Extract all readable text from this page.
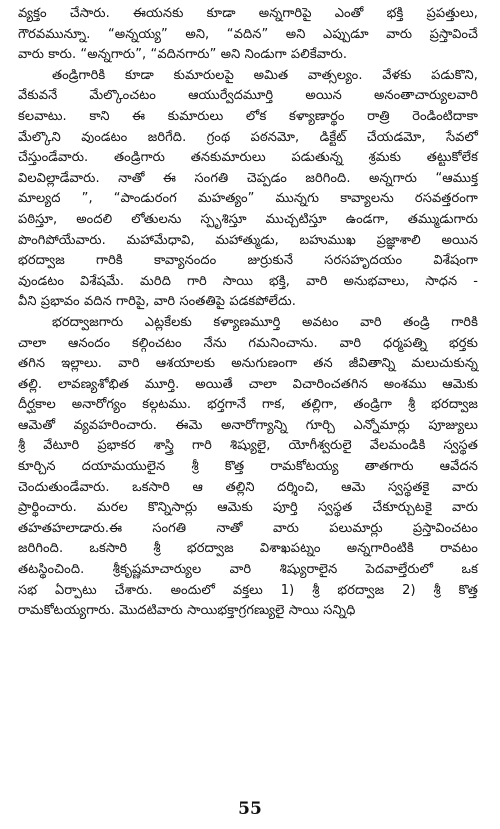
వ్యక్తం చేసారు. ఈయనకు కూడా అన్నగారిపై ఎంతో భక్తి ప్రపత్తులు,
గౌరవమున్నూ. “అన్నయ్య” అని, “వదిన” అని ఎప్పుడూ వారు ప్రస్తావించే
వారు కారు. “అన్నగారు”, “వదినగారు” అని నిండుగా పలికేవారు.
తండ్రిగారికి కూడా కుమారులపై అమిత వాత్సల్యం. వేళకు పడుకొని,
వేకువనే మేల్కొంచటం ఆయుర్వేదమూర్తి అయిన అనంతాచార్యులవారి
కలవాటు. కాని ఈ కుమారులు లోక కళ్యాణార్థం రాత్రి రెండింటిదాకా
మేల్కొని వుండటం జరిగేది. గ్రంథ పఠనమో, డిక్టేట్ చేయడమో, సేవలో
చేస్తుండేవారు. తండ్రిగారు తనకుమారులు పడుతున్న శ్రమకు తట్టుకోలేక
విలవిల్లాడేవారు. నాతో ఈ సంగతి చెప్పడం జరిగింది. అన్నగారు “ఆముక్త
మాల్యద ”, “పాండురంగ మహత్యం” మున్నగు కావ్యాలను రసవత్తరంగా
పఠిస్తూ, అందలి లోతులను స్పృశిస్తూ ముచ్చటిస్తూ ఉండగా, తమ్ముడుగారు
పొంగిపోయేవారు. మహామేధావి, మహాత్ముడు, బహుముఖ ప్రజ్ఞాశాలి అయిన
భరద్వాజ గారికి కావ్యానందం జుర్రుకునే సరసహృదయం విశేషంగా
వుండటం విశేషమే. మరిది గారి సాయి భక్తి, వారి అనుభవాలు, సాధన -
వీని ప్రభావం వదిన గారిపై, వారి సంతతిపై పడకపోలేదు.
భరద్వాజగారు ఎట్లకేలకు కళ్యాణమూర్తి అవటం వారి తండ్రి గారికి
చాలా ఆనందం కల్గించటం నేను గమనించాను. వారి ధర్మపత్ని భర్తకు
తగిన ఇల్లాలు. వారి ఆశయాలకు అనుగుణంగా తన జీవితాన్ని మలుచుకున్న
తల్లి. లావణ్యశోభిత మూర్తి. అయితే చాలా విచారించతగిన అంశము ఆమెకు
దీర్ఘకాల అనారోగ్యం కల్గటము. భర్తగానే గాక, తల్లిగా, తండ్రిగా శ్రీ భరద్వాజ
ఆమెతో వ్యవహరించారు. ఈమె అనారోగ్యాన్ని గూర్చి ఎన్నోమార్లు పూజ్యులు
శ్రీ వేటూరి ప్రభాకర శాస్త్రి గారి శిష్యులై, యోగీశ్వరులై వేలమండికి స్వస్థత
కూర్చిన దయామయులైన శ్రీ కొత్త రామకోటయ్య తాతగారు ఆవేదన
చెందుతుండేవారు. ఒకసారి ఆ తల్లిని దర్శించి, ఆమె స్వస్థతకై వారు
ప్రార్థించారు. మరల కొన్నిసార్లు ఆమెకు పూర్తి స్వస్థత చేకూర్చుటకై వారు
తహతహలాడారు.ఈ సంగతి నాతో వారు పలుమార్లు ప్రస్తావించటం
జరిగింది. ఒకసారి శ్రీ భరద్వాజ విశాఖపట్నం అన్నగారింటికి రావటం
తటస్థించింది. శ్రీకృష్ణమాచార్యుల వారి శిష్యురాలైన పెదవాల్తేరులో ఒక
సభ ఏర్పాటు చేశారు. అందులో వక్తలు 1) శ్రీ భరద్వాజ 2) శ్రీ కొత్త
రామకోటయ్యగారు. మొదటివారు సాయిభక్తాగ్రగణ్యులై సాయి సన్నిధి
55
